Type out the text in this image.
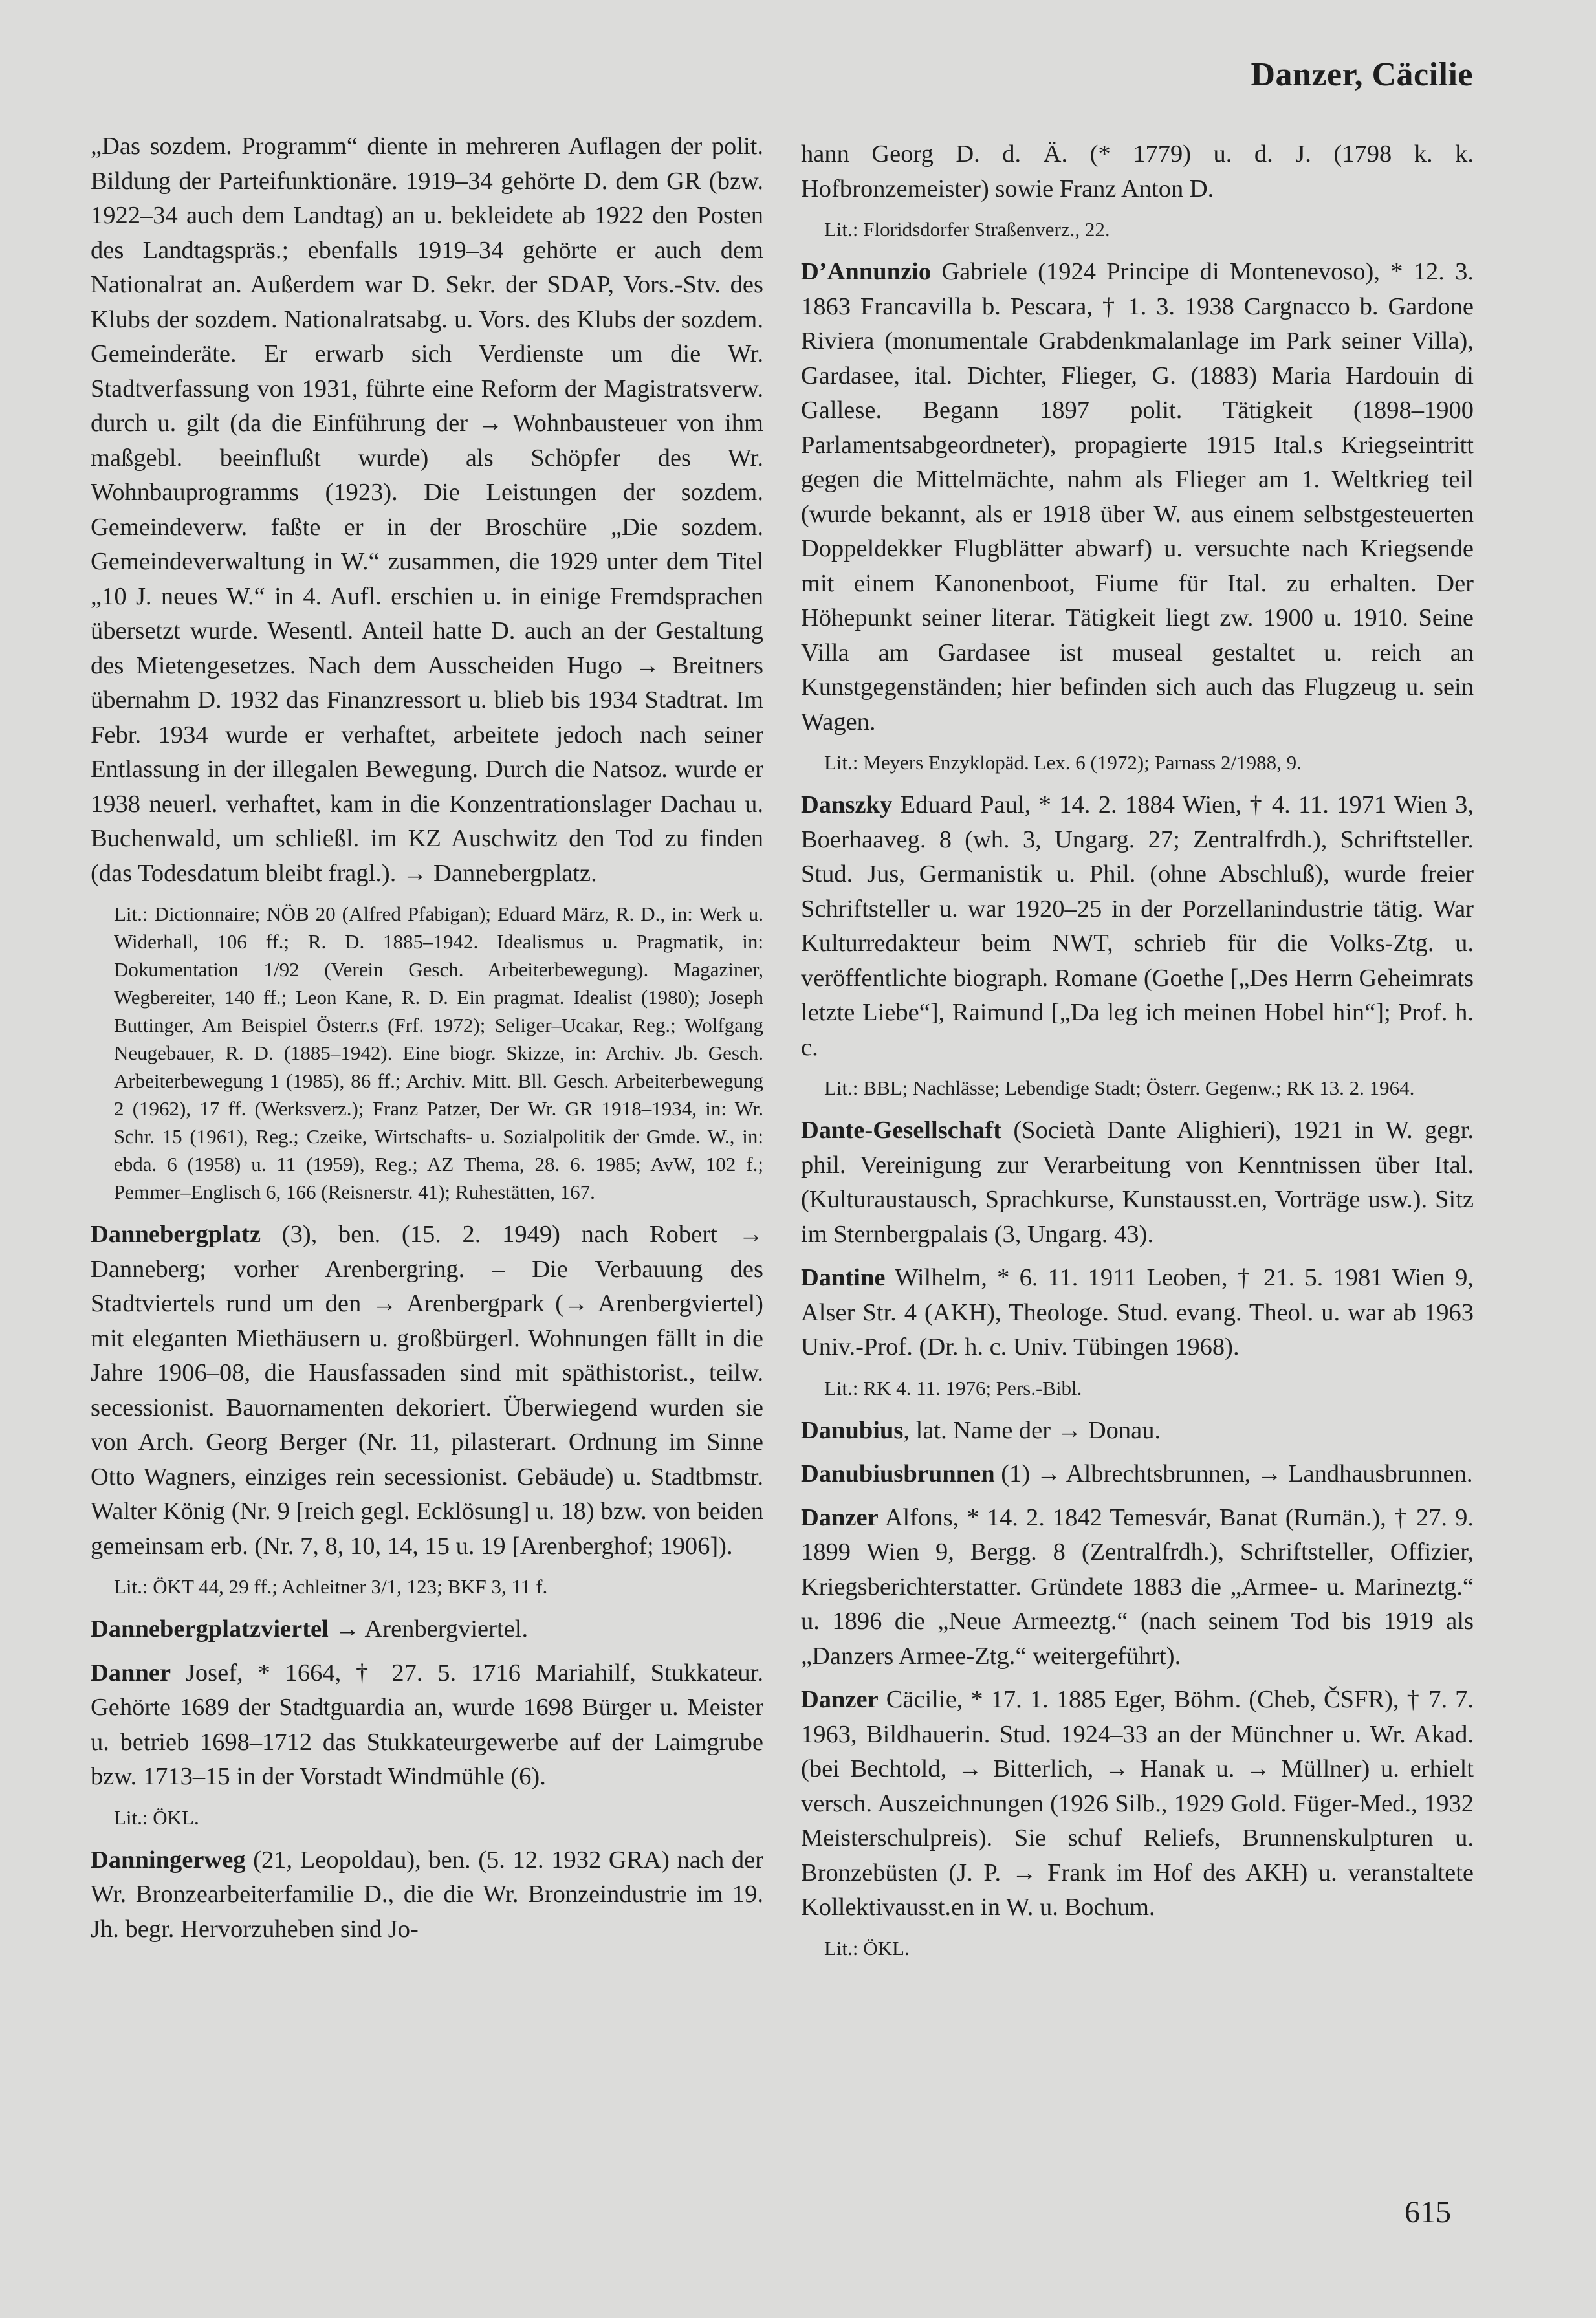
Danzer, Cäcilie

„Das sozdem. Programm“ diente in mehreren Auflagen der polit. Bildung der Parteifunktionäre. 1919–34 gehörte D. dem GR (bzw. 1922–34 auch dem Landtag) an u. bekleidete ab 1922 den Posten des Landtagspräs.; ebenfalls 1919–34 gehörte er auch dem Nationalrat an. Außerdem war D. Sekr. der SDAP, Vors.-Stv. des Klubs der sozdem. Nationalratsabg. u. Vors. des Klubs der sozdem. Gemeinderäte. Er erwarb sich Verdienste um die Wr. Stadtverfassung von 1931, führte eine Reform der Magistratsverw. durch u. gilt (da die Einführung der → Wohnbausteuer von ihm maßgebl. beeinflußt wurde) als Schöpfer des Wr. Wohnbauprogramms (1923). Die Leistungen der sozdem. Gemeindeverw. faßte er in der Broschüre „Die sozdem. Gemeindeverwaltung in W.“ zusammen, die 1929 unter dem Titel „10 J. neues W.“ in 4. Aufl. erschien u. in einige Fremdsprachen übersetzt wurde. Wesentl. Anteil hatte D. auch an der Gestaltung des Mietengesetzes. Nach dem Ausscheiden Hugo → Breitners übernahm D. 1932 das Finanzressort u. blieb bis 1934 Stadtrat. Im Febr. 1934 wurde er verhaftet, arbeitete jedoch nach seiner Entlassung in der illegalen Bewegung. Durch die Natsoz. wurde er 1938 neuerl. verhaftet, kam in die Konzentrationslager Dachau u. Buchenwald, um schließl. im KZ Auschwitz den Tod zu finden (das Todesdatum bleibt fragl.). → Dannebergplatz.

Lit.: Dictionnaire; NÖB 20 (Alfred Pfabigan); Eduard März, R. D., in: Werk u. Widerhall, 106 ff.; R. D. 1885–1942. Idealismus u. Pragmatik, in: Dokumentation 1/92 (Verein Gesch. Arbeiterbewegung). Magaziner, Wegbereiter, 140 ff.; Leon Kane, R. D. Ein pragmat. Idealist (1980); Joseph Buttinger, Am Beispiel Österr.s (Frf. 1972); Seliger–Ucakar, Reg.; Wolfgang Neugebauer, R. D. (1885–1942). Eine biogr. Skizze, in: Archiv. Jb. Gesch. Arbeiterbewegung 1 (1985), 86 ff.; Archiv. Mitt. Bll. Gesch. Arbeiterbewegung 2 (1962), 17 ff. (Werksverz.); Franz Patzer, Der Wr. GR 1918–1934, in: Wr. Schr. 15 (1961), Reg.; Czeike, Wirtschafts- u. Sozialpolitik der Gmde. W., in: ebda. 6 (1958) u. 11 (1959), Reg.; AZ Thema, 28. 6. 1985; AvW, 102 f.; Pemmer–Englisch 6, 166 (Reisnerstr. 41); Ruhestätten, 167.
Dannebergplatz (3), ben. (15. 2. 1949) nach Robert → Danneberg; vorher Arenbergring. – Die Verbauung des Stadtviertels rund um den → Arenbergpark (→ Arenbergviertel) mit eleganten Miethäusern u. großbürgerl. Wohnungen fällt in die Jahre 1906–08, die Hausfassaden sind mit späthistorist., teilw. secessionist. Bauornamenten dekoriert. Überwiegend wurden sie von Arch. Georg Berger (Nr. 11, pilasterart. Ordnung im Sinne Otto Wagners, einziges rein secessionist. Gebäude) u. Stadtbmstr. Walter König (Nr. 9 [reich gegl. Ecklösung] u. 18) bzw. von beiden gemeinsam erb. (Nr. 7, 8, 10, 14, 15 u. 19 [Arenberghof; 1906]).
Lit.: ÖKT 44, 29 ff.; Achleitner 3/1, 123; BKF 3, 11 f.
Dannebergplatzviertel → Arenbergviertel.
Danner Josef, * 1664, † 27. 5. 1716 Mariahilf, Stukkateur. Gehörte 1689 der Stadtguardia an, wurde 1698 Bürger u. Meister u. betrieb 1698–1712 das Stukkateurgewerbe auf der Laimgrube bzw. 1713–15 in der Vorstadt Windmühle (6).
Lit.: ÖKL.
Danningerweg (21, Leopoldau), ben. (5. 12. 1932 GRA) nach der Wr. Bronzearbeiterfamilie D., die die Wr. Bronzeindustrie im 19. Jh. begr. Hervorzuheben sind Jo-

hann Georg D. d. Ä. (* 1779) u. d. J. (1798 k. k. Hofbronzemeister) sowie Franz Anton D.

Lit.: Floridsdorfer Straßenverz., 22.
D’Annunzio Gabriele (1924 Principe di Montenevoso), * 12. 3. 1863 Francavilla b. Pescara, † 1. 3. 1938 Cargnacco b. Gardone Riviera (monumentale Grabdenkmalanlage im Park seiner Villa), Gardasee, ital. Dichter, Flieger, G. (1883) Maria Hardouin di Gallese. Begann 1897 polit. Tätigkeit (1898–1900 Parlamentsabgeordneter), propagierte 1915 Ital.s Kriegseintritt gegen die Mittelmächte, nahm als Flieger am 1. Weltkrieg teil (wurde bekannt, als er 1918 über W. aus einem selbstgesteuerten Doppeldekker Flugblätter abwarf) u. versuchte nach Kriegsende mit einem Kanonenboot, Fiume für Ital. zu erhalten. Der Höhepunkt seiner literar. Tätigkeit liegt zw. 1900 u. 1910. Seine Villa am Gardasee ist museal gestaltet u. reich an Kunstgegenständen; hier befinden sich auch das Flugzeug u. sein Wagen.
Lit.: Meyers Enzyklopäd. Lex. 6 (1972); Parnass 2/1988, 9.
Danszky Eduard Paul, * 14. 2. 1884 Wien, † 4. 11. 1971 Wien 3, Boerhaaveg. 8 (wh. 3, Ungarg. 27; Zentralfrdh.), Schriftsteller. Stud. Jus, Germanistik u. Phil. (ohne Abschluß), wurde freier Schriftsteller u. war 1920–25 in der Porzellanindustrie tätig. War Kulturredakteur beim NWT, schrieb für die Volks-Ztg. u. veröffentlichte biograph. Romane (Goethe [„Des Herrn Geheimrats letzte Liebe“], Raimund [„Da leg ich meinen Hobel hin“]; Prof. h. c.
Lit.: BBL; Nachlässe; Lebendige Stadt; Österr. Gegenw.; RK 13. 2. 1964.
Dante-Gesellschaft (Società Dante Alighieri), 1921 in W. gegr. phil. Vereinigung zur Verarbeitung von Kenntnissen über Ital. (Kulturaustausch, Sprachkurse, Kunstausst.en, Vorträge usw.). Sitz im Sternbergpalais (3, Ungarg. 43).
Dantine Wilhelm, * 6. 11. 1911 Leoben, † 21. 5. 1981 Wien 9, Alser Str. 4 (AKH), Theologe. Stud. evang. Theol. u. war ab 1963 Univ.-Prof. (Dr. h. c. Univ. Tübingen 1968).
Lit.: RK 4. 11. 1976; Pers.-Bibl.
Danubius, lat. Name der → Donau.
Danubiusbrunnen (1) → Albrechtsbrunnen, → Landhausbrunnen.
Danzer Alfons, * 14. 2. 1842 Temesvár, Banat (Rumän.), † 27. 9. 1899 Wien 9, Bergg. 8 (Zentralfrdh.), Schriftsteller, Offizier, Kriegsberichterstatter. Gründete 1883 die „Armee- u. Marineztg.“ u. 1896 die „Neue Armeeztg.“ (nach seinem Tod bis 1919 als „Danzers Armee-Ztg.“ weitergeführt).
Danzer Cäcilie, * 17. 1. 1885 Eger, Böhm. (Cheb, ČSFR), † 7. 7. 1963, Bildhauerin. Stud. 1924–33 an der Münchner u. Wr. Akad. (bei Bechtold, → Bitterlich, → Hanak u. → Müllner) u. erhielt versch. Auszeichnungen (1926 Silb., 1929 Gold. Füger-Med., 1932 Meisterschulpreis). Sie schuf Reliefs, Brunnenskulpturen u. Bronzebüsten (J. P. → Frank im Hof des AKH) u. veranstaltete Kollektivausst.en in W. u. Bochum.
Lit.: ÖKL.
615
